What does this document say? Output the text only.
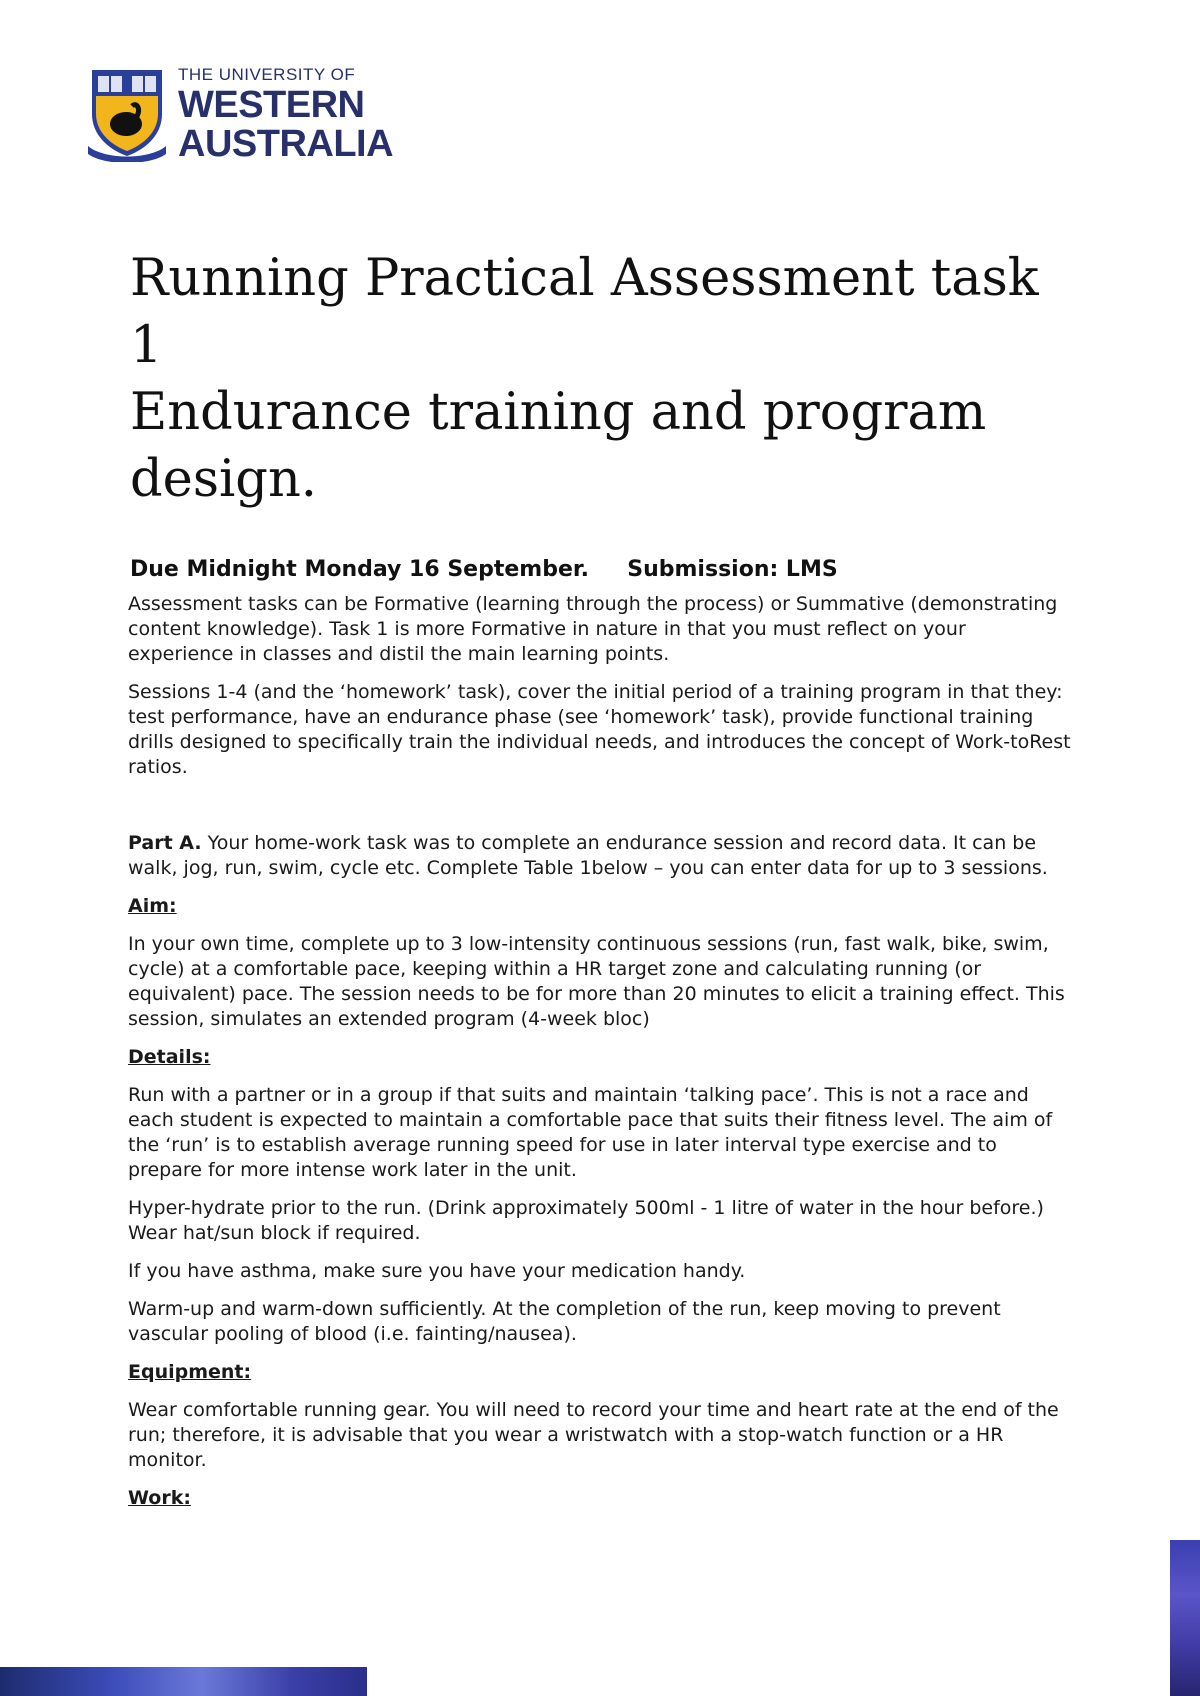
THE UNIVERSITY OF
WESTERN
AUSTRALIA
Running Practical Assessment task 1
Endurance training and program
design.
Due Midnight Monday 16 September. Submission: LMS

Assessment tasks can be Formative (learning through the process) or Summative (demonstrating content knowledge). Task 1 is more Formative in nature in that you must reflect on your experience in classes and distil the main learning points.

Sessions 1-4 (and the ‘homework’ task), cover the initial period of a training program in that they: test performance, have an endurance phase (see ‘homework’ task), provide functional training drills designed to specifically train the individual needs, and introduces the concept of Work-toRest ratios.

Part A. Your home-work task was to complete an endurance session and record data. It can be walk, jog, run, swim, cycle etc. Complete Table 1below – you can enter data for up to 3 sessions.

Aim:

In your own time, complete up to 3 low-intensity continuous sessions (run, fast walk, bike, swim, cycle) at a comfortable pace, keeping within a HR target zone and calculating running (or equivalent) pace. The session needs to be for more than 20 minutes to elicit a training effect. This session, simulates an extended program (4-week bloc)

Details:

Run with a partner or in a group if that suits and maintain ‘talking pace’. This is not a race and each student is expected to maintain a comfortable pace that suits their fitness level. The aim of the ‘run’ is to establish average running speed for use in later interval type exercise and to prepare for more intense work later in the unit.

Hyper-hydrate prior to the run. (Drink approximately 500ml - 1 litre of water in the hour before.) Wear hat/sun block if required.

If you have asthma, make sure you have your medication handy.

Warm-up and warm-down sufficiently. At the completion of the run, keep moving to prevent vascular pooling of blood (i.e. fainting/nausea).

Equipment:

Wear comfortable running gear. You will need to record your time and heart rate at the end of the run; therefore, it is advisable that you wear a wristwatch with a stop-watch function or a HR monitor.

Work:
